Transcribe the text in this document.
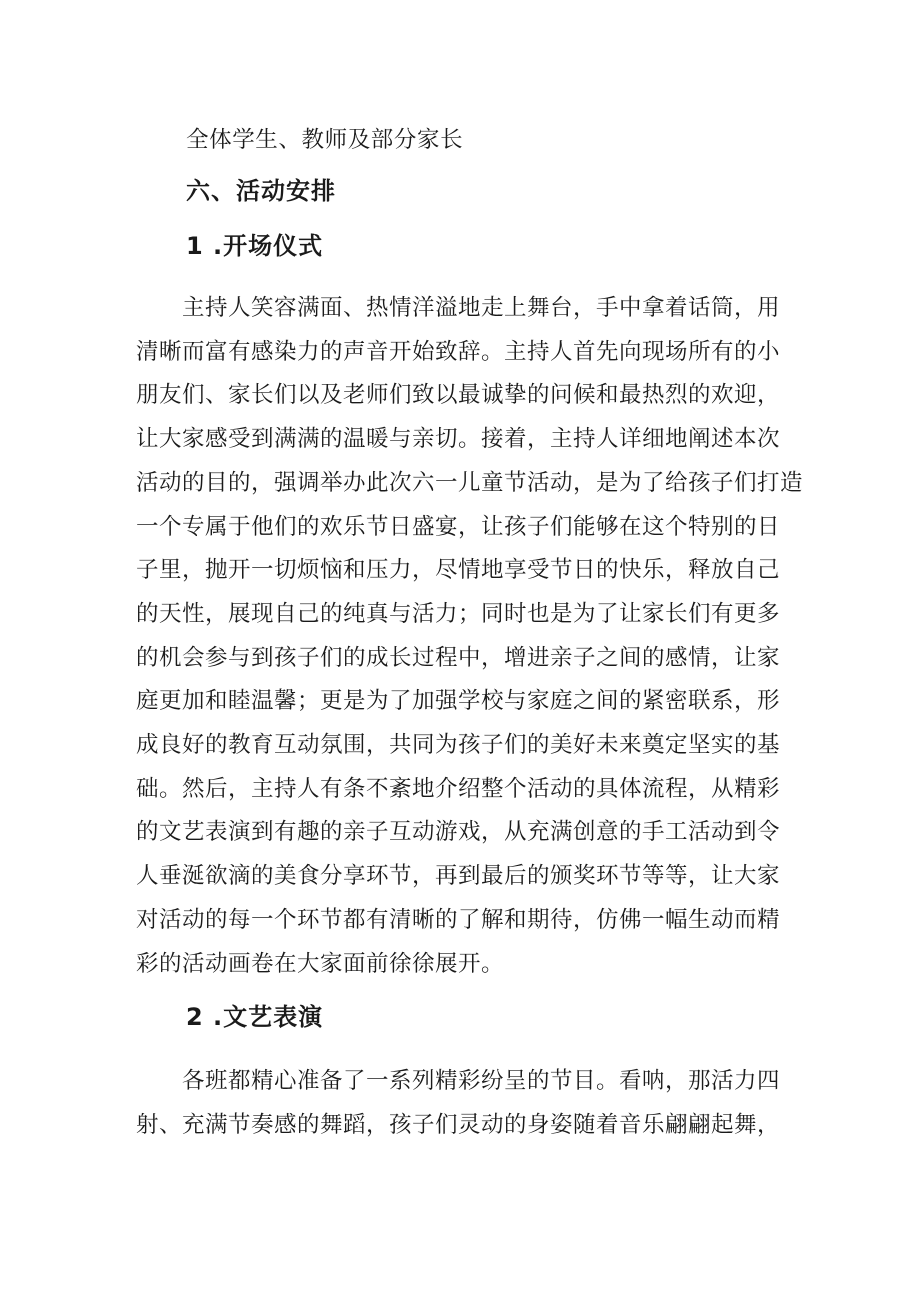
全体学生、教师及部分家长

六、活动安排

1 .开场仪式

　　主持人笑容满面、热情洋溢地走上舞台，手中拿着话筒，用
清晰而富有感染力的声音开始致辞。主持人首先向现场所有的小
朋友们、家长们以及老师们致以最诚挚的问候和最热烈的欢迎，
让大家感受到满满的温暖与亲切。接着，主持人详细地阐述本次
活动的目的，强调举办此次六一儿童节活动，是为了给孩子们打造
一个专属于他们的欢乐节日盛宴，让孩子们能够在这个特别的日
子里，抛开一切烦恼和压力，尽情地享受节日的快乐，释放自己
的天性，展现自己的纯真与活力；同时也是为了让家长们有更多
的机会参与到孩子们的成长过程中，增进亲子之间的感情，让家
庭更加和睦温馨；更是为了加强学校与家庭之间的紧密联系，形
成良好的教育互动氛围，共同为孩子们的美好未来奠定坚实的基
础。然后，主持人有条不紊地介绍整个活动的具体流程，从精彩
的文艺表演到有趣的亲子互动游戏，从充满创意的手工活动到令
人垂涎欲滴的美食分享环节，再到最后的颁奖环节等等，让大家
对活动的每一个环节都有清晰的了解和期待，仿佛一幅生动而精
彩的活动画卷在大家面前徐徐展开。

2 .文艺表演

　　各班都精心准备了一系列精彩纷呈的节目。看呐，那活力四
射、充满节奏感的舞蹈，孩子们灵动的身姿随着音乐翩翩起舞，
